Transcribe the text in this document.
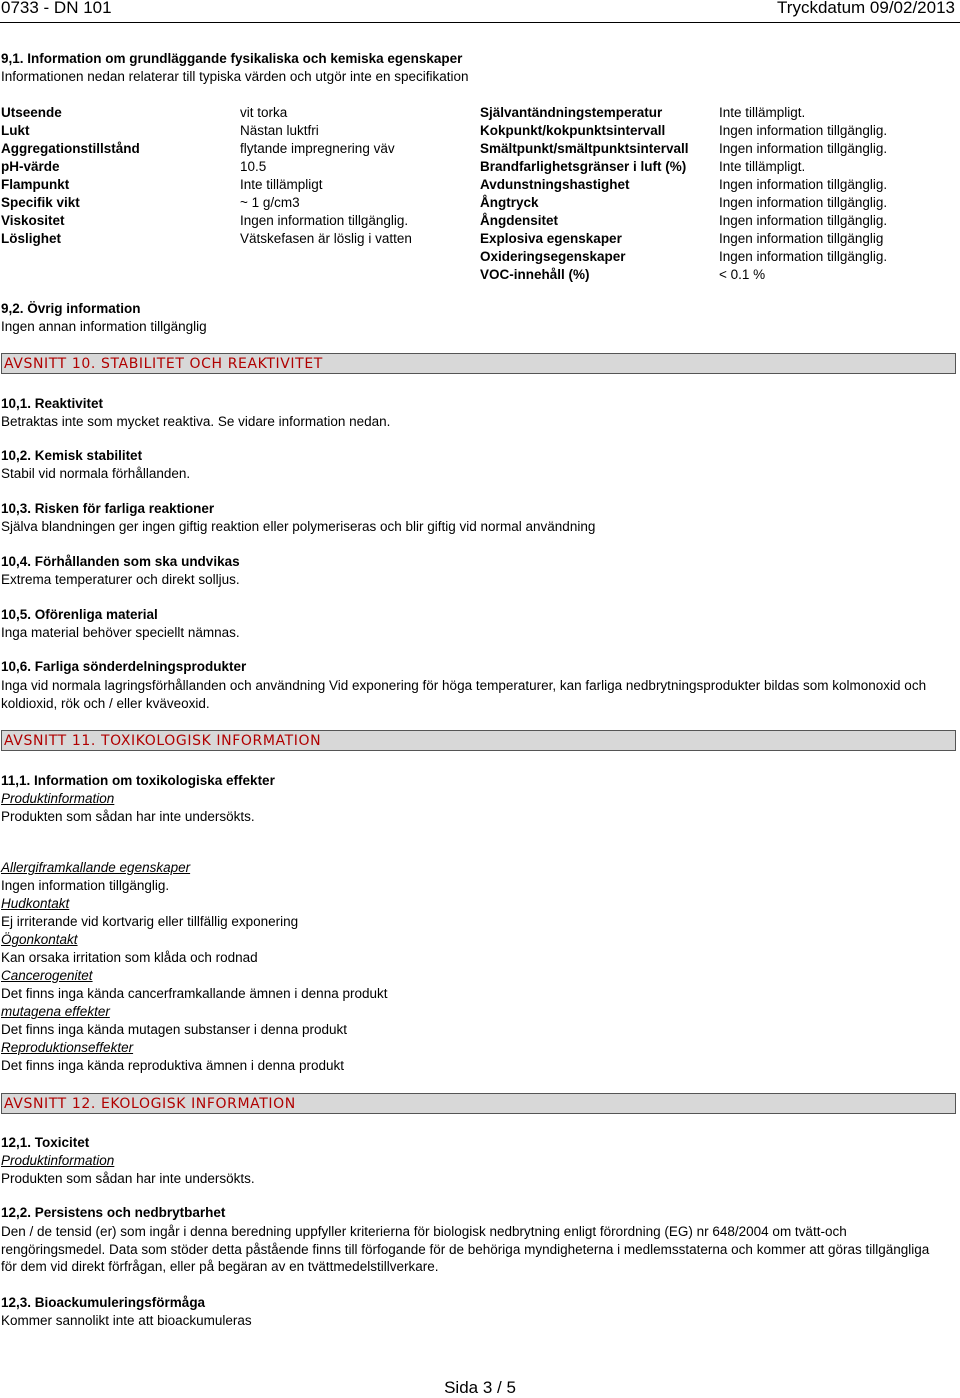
0733 - DN 101	Tryckdatum 09/02/2013
9,1. Information om grundläggande fysikaliska och kemiska egenskaper
Informationen nedan relaterar till typiska värden och utgör inte en specifikation
Utseende	vit torka	Självantändningstemperatur	Inte tillämpligt.
Lukt	Nästan luktfri	Kokpunkt/kokpunktsintervall	Ingen information tillgänglig.
Aggregationstillstånd	flytande impregnering väv	Smältpunkt/smältpunktsintervall Ingen information tillgänglig.
pH-värde	10.5	Brandfarlighetsgränser i luft (%) Inte tillämpligt.
Flampunkt	Inte tillämpligt	Avdunstningshastighet	Ingen information tillgänglig.
Specifik vikt	~ 1 g/cm3	Ångtryck	Ingen information tillgänglig.
Viskositet	Ingen information tillgänglig.	Ångdensitet	Ingen information tillgänglig.
Löslighet	Vätskefasen är löslig i vatten	Explosiva egenskaper	Ingen information tillgänglig
Oxideringsegenskaper	Ingen information tillgänglig.
VOC-innehåll (%)	< 0.1 %
9,2. Övrig information
Ingen annan information tillgänglig
AVSNITT 10. STABILITET OCH REAKTIVITET
10,1. Reaktivitet
Betraktas inte som mycket reaktiva. Se vidare information nedan.
10,2. Kemisk stabilitet
Stabil vid normala förhållanden.
10,3. Risken för farliga reaktioner
Själva blandningen ger ingen giftig reaktion eller polymeriseras och blir giftig vid normal användning
10,4. Förhållanden som ska undvikas
Extrema temperaturer och direkt solljus.
10,5. Oförenliga material
Inga material behöver speciellt nämnas.
10,6. Farliga sönderdelningsprodukter
Inga vid normala lagringsförhållanden och användning Vid exponering för höga temperaturer, kan farliga nedbrytningsprodukter bildas som kolmonoxid och koldioxid, rök och / eller kväveoxid.
AVSNITT 11. TOXIKOLOGISK INFORMATION
11,1. Information om toxikologiska effekter
Produktinformation
Produkten som sådan har inte undersökts.
Allergiframkallande egenskaper
Ingen information tillgänglig.
Hudkontakt
Ej irriterande vid kortvarig eller tillfällig exponering
Ögonkontakt
Kan orsaka irritation som klåda och rodnad
Cancerogenitet
Det finns inga kända cancerframkallande ämnen i denna produkt
mutagena effekter
Det finns inga kända mutagen substanser i denna produkt
Reproduktionseffekter
Det finns inga kända reproduktiva ämnen i denna produkt
AVSNITT 12. EKOLOGISK INFORMATION
12,1. Toxicitet
Produktinformation
Produkten som sådan har inte undersökts.
12,2. Persistens och nedbrytbarhet
Den / de tensid (er) som ingår i denna beredning uppfyller kriterierna för biologisk nedbrytning enligt förordning (EG) nr 648/2004 om tvätt-och rengöringsmedel. Data som stöder detta påstående finns till förfogande för de behöriga myndigheterna i medlemsstaterna och kommer att göras tillgängliga för dem vid direkt förfrågan, eller på begäran av en tvättmedelstillverkare.
12,3. Bioackumuleringsförmåga
Kommer sannolikt inte att bioackumuleras
Sida 3 / 5
